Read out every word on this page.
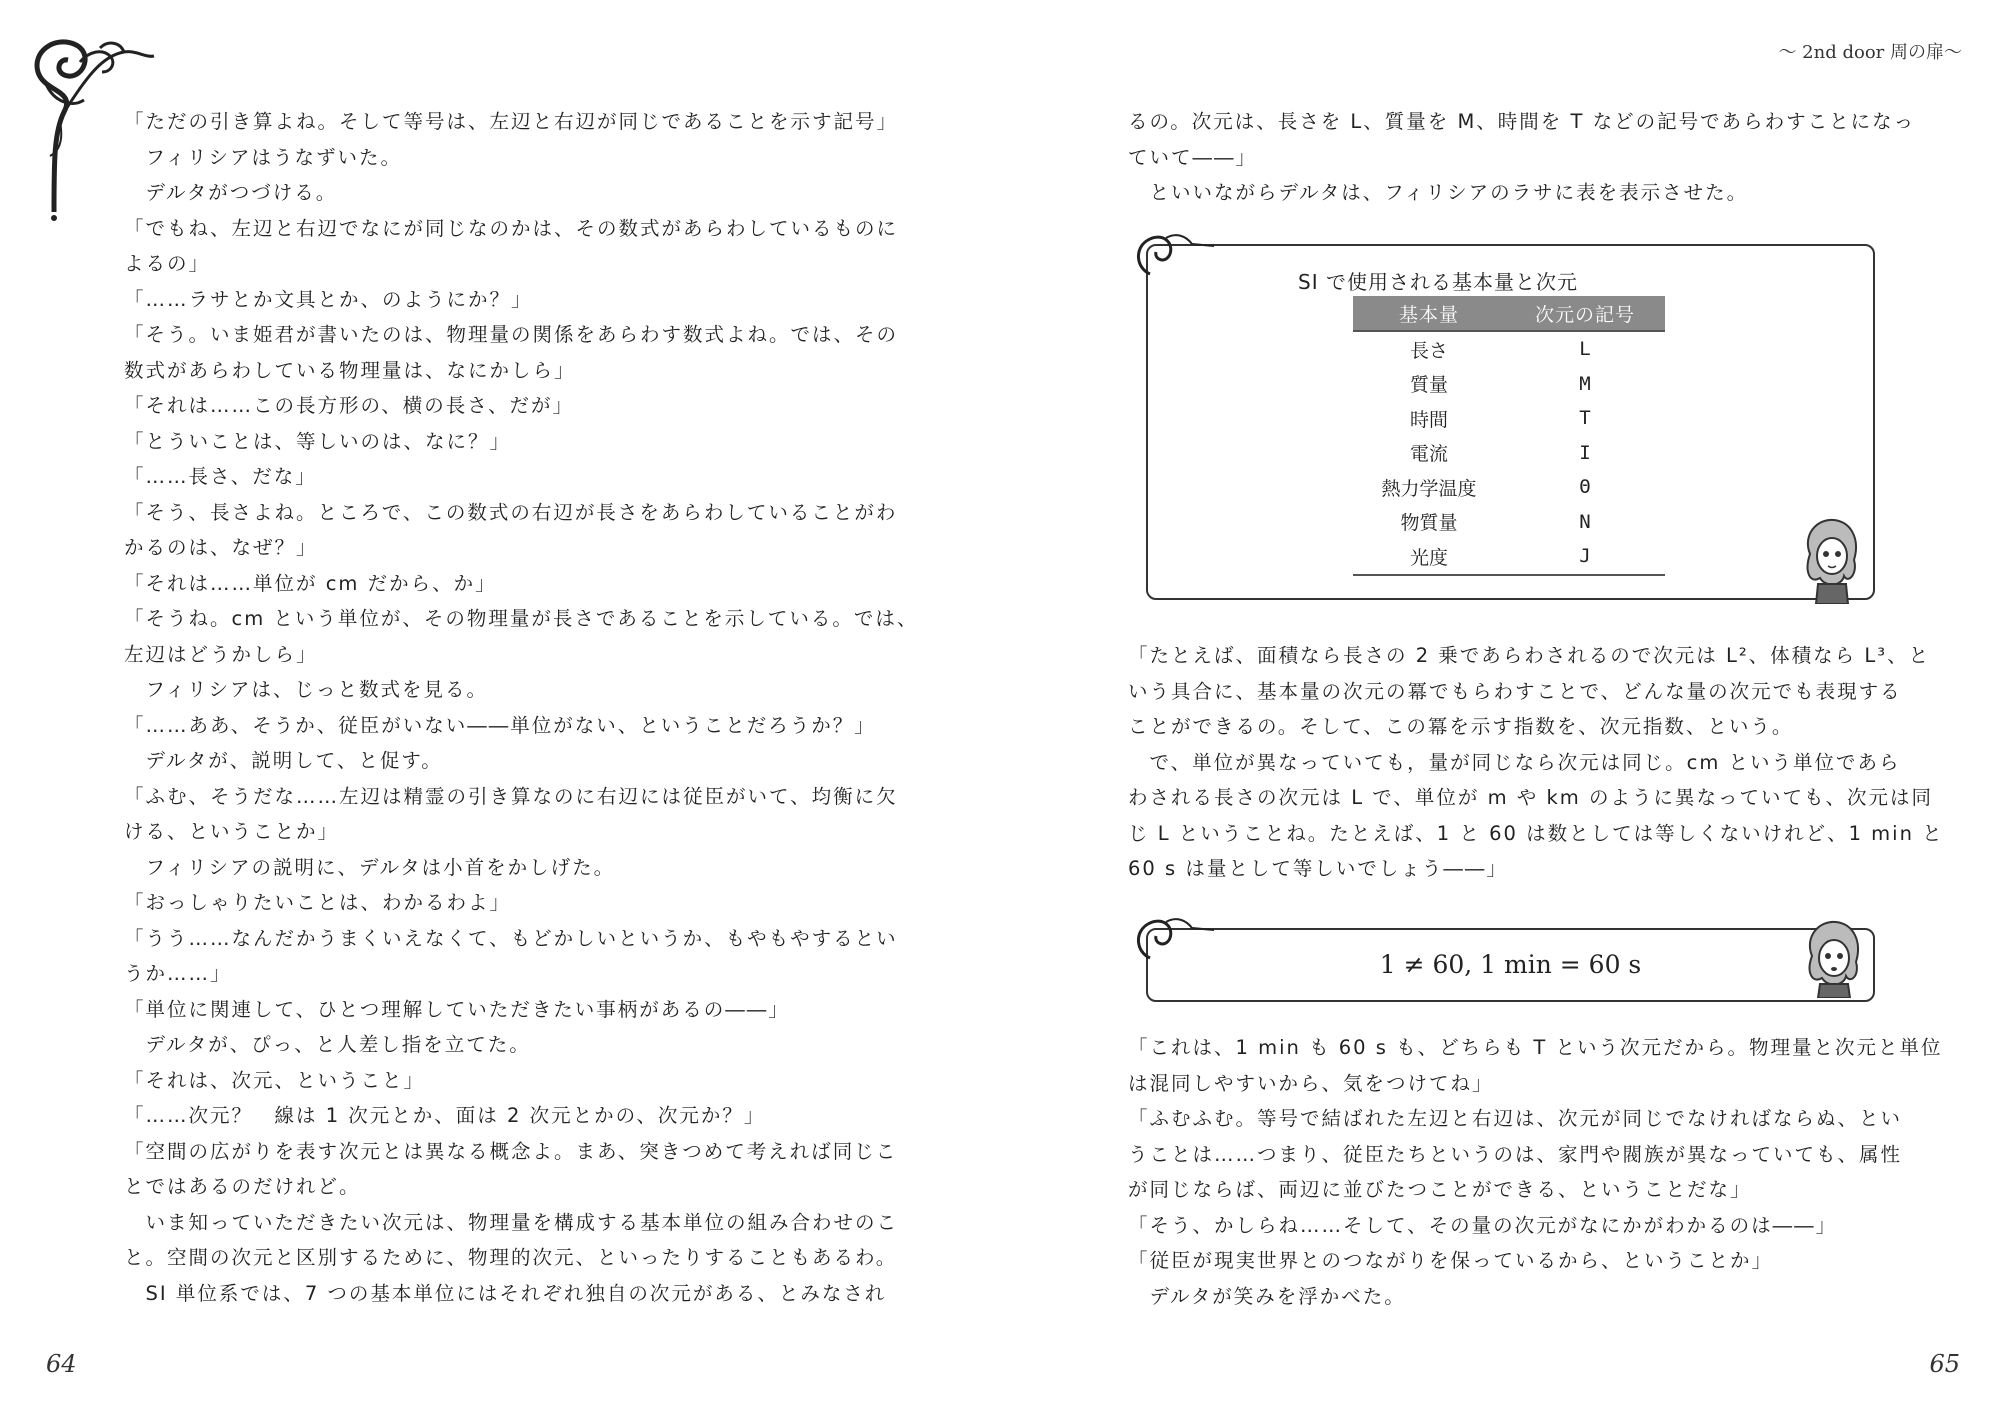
「ただの引き算よね。そして等号は、左辺と右辺が同じであることを示す記号」
　フィリシアはうなずいた。
　デルタがつづける。
「でもね、左辺と右辺でなにが同じなのかは、その数式があらわしているものに
よるの」
「……ラサとか文具とか、のようにか？」
「そう。いま姫君が書いたのは、物理量の関係をあらわす数式よね。では、その
数式があらわしている物理量は、なにかしら」
「それは……この長方形の、横の長さ、だが」
「とういことは、等しいのは、なに？」
「……長さ、だな」
「そう、長さよね。ところで、この数式の右辺が長さをあらわしていることがわ
かるのは、なぜ？」
「それは……単位が cm だから、か」
「そうね。cm という単位が、その物理量が長さであることを示している。では、
左辺はどうかしら」
　フィリシアは、じっと数式を見る。
「……ああ、そうか、従臣がいない――単位がない、ということだろうか？」
　デルタが、説明して、と促す。
「ふむ、そうだな……左辺は精霊の引き算なのに右辺には従臣がいて、均衡に欠
ける、ということか」
　フィリシアの説明に、デルタは小首をかしげた。
「おっしゃりたいことは、わかるわよ」
「うう……なんだかうまくいえなくて、もどかしいというか、もやもやするとい
うか……」
「単位に関連して、ひとつ理解していただきたい事柄があるの――」
　デルタが、ぴっ、と人差し指を立てた。
「それは、次元、ということ」
「……次元？　線は 1 次元とか、面は 2 次元とかの、次元か？」
「空間の広がりを表す次元とは異なる概念よ。まあ、突きつめて考えれば同じこ
とではあるのだけれど。
　いま知っていただきたい次元は、物理量を構成する基本単位の組み合わせのこ
と。空間の次元と区別するために、物理的次元、といったりすることもあるわ。
　SI 単位系では、7 つの基本単位にはそれぞれ独自の次元がある、とみなされ
64
～ 2nd door 周の扉～
るの。次元は、長さを L、質量を M、時間を T などの記号であらわすことになっ
ていて――」
　といいながらデルタは、フィリシアのラサに表を表示させた。
SI で使用される基本量と次元
基本量	次元の記号
長さ	L
質量	M
時間	T
電流	I
熱力学温度	Θ
物質量	N
光度	J
「たとえば、面積なら長さの 2 乗であらわされるので次元は L²、体積なら L³、と
いう具合に、基本量の次元の冪でもらわすことで、どんな量の次元でも表現する
ことができるの。そして、この冪を示す指数を、次元指数、という。
　で、単位が異なっていても，量が同じなら次元は同じ。cm という単位であら
わされる長さの次元は L で、単位が m や km のように異なっていても、次元は同
じ L ということね。たとえば、1 と 60 は数としては等しくないけれど、1 min と
60 s は量として等しいでしょう――」
1 ≠ 60, 1 min = 60 s
「これは、1 min も 60 s も、どちらも T という次元だから。物理量と次元と単位
は混同しやすいから、気をつけてね」
「ふむふむ。等号で結ばれた左辺と右辺は、次元が同じでなければならぬ、とい
うことは……つまり、従臣たちというのは、家門や閥族が異なっていても、属性
が同じならば、両辺に並びたつことができる、ということだな」
「そう、かしらね……そして、その量の次元がなにかがわかるのは――」
「従臣が現実世界とのつながりを保っているから、ということか」
　デルタが笑みを浮かべた。
65
